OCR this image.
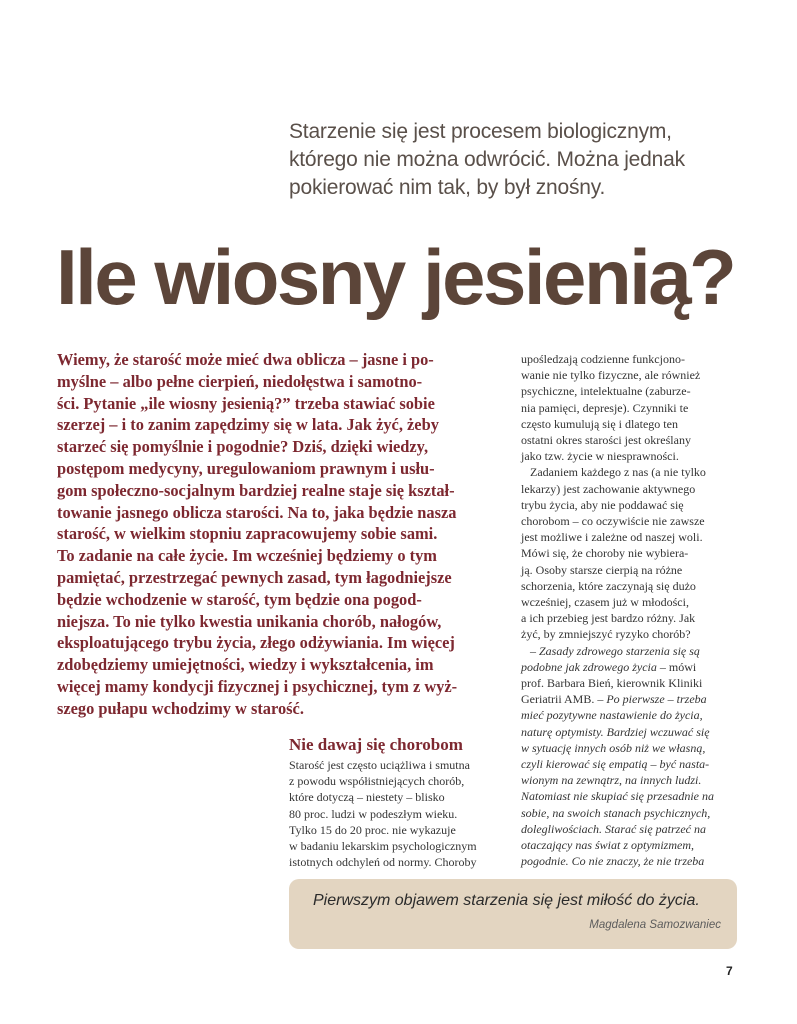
Starzenie się jest procesem biologicznym,
którego nie można odwrócić. Można jednak
pokierować nim tak, by był znośny.
Ile wiosny jesienią?
Wiemy, że starość może mieć dwa oblicza – jasne i po-
myślne – albo pełne cierpień, niedołęstwa i samotno-
ści. Pytanie „ile wiosny jesienią?” trzeba stawiać sobie
szerzej – i to zanim zapędzimy się w lata. Jak żyć, żeby
starzeć się pomyślnie i pogodnie? Dziś, dzięki wiedzy,
postępom medycyny, uregulowaniom prawnym i usłu-
gom społeczno-socjalnym bardziej realne staje się kształ-
towanie jasnego oblicza starości. Na to, jaka będzie nasza
starość, w wielkim stopniu zapracowujemy sobie sami.
To zadanie na całe życie. Im wcześniej będziemy o tym
pamiętać, przestrzegać pewnych zasad, tym łagodniejsze
będzie wchodzenie w starość, tym będzie ona pogod-
niejsza. To nie tylko kwestia unikania chorób, nałogów,
eksploatującego trybu życia, złego odżywiania. Im więcej
zdobędziemy umiejętności, wiedzy i wykształcenia, im
więcej mamy kondycji fizycznej i psychicznej, tym z wyż-
szego pułapu wchodzimy w starość.
Nie dawaj się chorobom
Starość jest często uciążliwa i smutna
z powodu współistniejących chorób,
które dotyczą – niestety – blisko
80 proc. ludzi w podeszłym wieku.
Tylko 15 do 20 proc. nie wykazuje
w badaniu lekarskim psychologicznym
istotnych odchyleń od normy. Choroby
upośledzają codzienne funkcjono-
wanie nie tylko fizyczne, ale również
psychiczne, intelektualne (zaburze-
nia pamięci, depresje). Czynniki te
często kumulują się i dlatego ten
ostatni okres starości jest określany
jako tzw. życie w niesprawności.
Zadaniem każdego z nas (a nie tylko
lekarzy) jest zachowanie aktywnego
trybu życia, aby nie poddawać się
chorobom – co oczywiście nie zawsze
jest możliwe i zależne od naszej woli.
Mówi się, że choroby nie wybiera-
ją. Osoby starsze cierpią na różne
schorzenia, które zaczynają się dużo
wcześniej, czasem już w młodości,
a ich przebieg jest bardzo różny. Jak
żyć, by zmniejszyć ryzyko chorób?
– Zasady zdrowego starzenia się są
podobne jak zdrowego życia – mówi
prof. Barbara Bień, kierownik Kliniki
Geriatrii AMB. – Po pierwsze – trzeba
mieć pozytywne nastawienie do życia,
naturę optymisty. Bardziej wczuwać się
w sytuację innych osób niż we własną,
czyli kierować się empatią – być nasta-
wionym na zewnątrz, na innych ludzi.
Natomiast nie skupiać się przesadnie na
sobie, na swoich stanach psychicznych,
dolegliwościach. Starać się patrzeć na
otaczający nas świat z optymizmem,
pogodnie. Co nie znaczy, że nie trzeba
Pierwszym objawem starzenia się jest miłość do życia.
Magdalena Samozwaniec
7
